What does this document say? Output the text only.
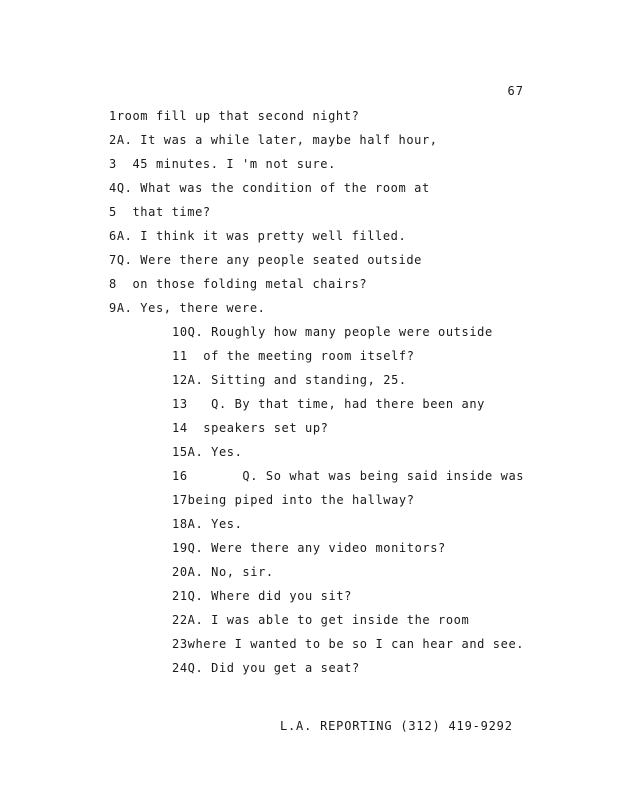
67
1room fill up that second night?
2A. It was a while later, maybe half hour,
3  45 minutes. I 'm not sure.
4Q. What was the condition of the room at
5  that time?
6A. I think it was pretty well filled.
7Q. Were there any people seated outside
8  on those folding metal chairs?
9A. Yes, there were.
10Q. Roughly how many people were outside
11  of the meeting room itself?
12A. Sitting and standing, 25.
13   Q. By that time, had there been any
14  speakers set up?
15A. Yes.
16       Q. So what was being said inside was
17being piped into the hallway?
18A. Yes.
19Q. Were there any video monitors?
20A. No, sir.
21Q. Where did you sit?
22A. I was able to get inside the room
23where I wanted to be so I can hear and see.
24Q. Did you get a seat?
L.A. REPORTING (312) 419-9292
